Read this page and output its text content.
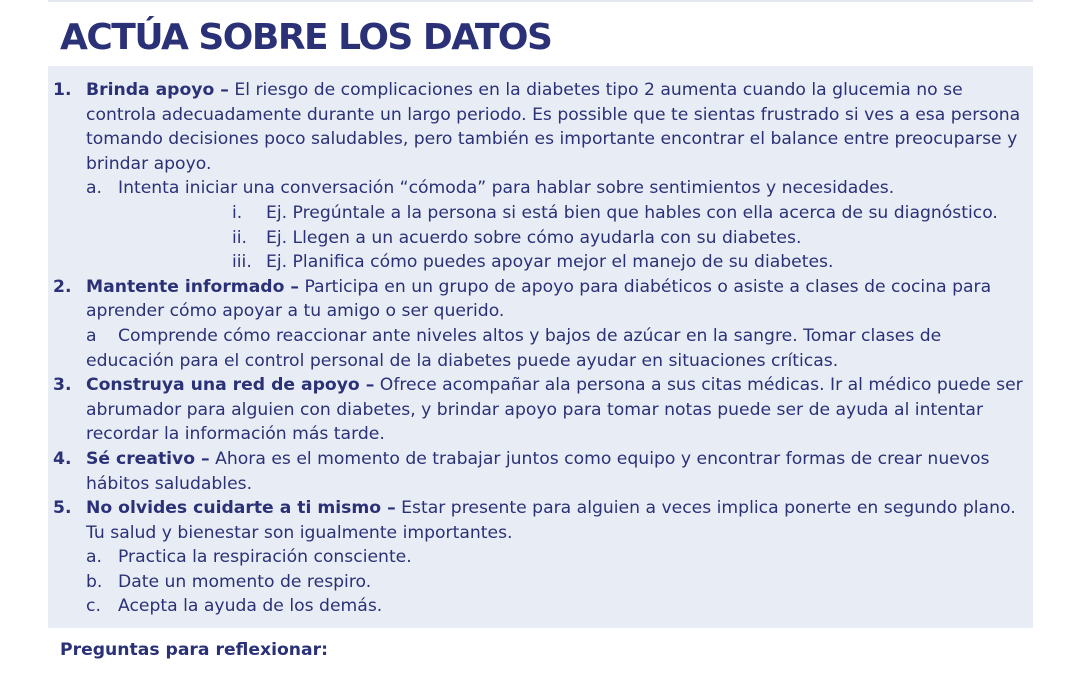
ACTÚA SOBRE LOS DATOS
1. Brinda apoyo – El riesgo de complicaciones en la diabetes tipo 2 aumenta cuando la glucemia no se controla adecuadamente durante un largo periodo. Es possible que te sientas frustrado si ves a esa persona tomando decisiones poco saludables, pero también es importante encontrar el balance entre preocuparse y brindar apoyo.
a. Intenta iniciar una conversación “cómoda” para hablar sobre sentimientos y necesidades.
i. Ej. Pregúntale a la persona si está bien que hables con ella acerca de su diagnóstico.
ii. Ej. Llegen a un acuerdo sobre cómo ayudarla con su diabetes.
iii. Ej. Planifica cómo puedes apoyar mejor el manejo de su diabetes.
2. Mantente informado – Participa en un grupo de apoyo para diabéticos o asiste a clases de cocina para aprender cómo apoyar a tu amigo o ser querido.
a Comprende cómo reaccionar ante niveles altos y bajos de azúcar en la sangre. Tomar clases de educación para el control personal de la diabetes puede ayudar en situaciones críticas.
3. Construya una red de apoyo – Ofrece acompañar ala persona a sus citas médicas. Ir al médico puede ser abrumador para alguien con diabetes, y brindar apoyo para tomar notas puede ser de ayuda al intentar recordar la información más tarde.
4. Sé creativo – Ahora es el momento de trabajar juntos como equipo y encontrar formas de crear nuevos hábitos saludables.
5. No olvides cuidarte a ti mismo – Estar presente para alguien a veces implica ponerte en segundo plano. Tu salud y bienestar son igualmente importantes.
a. Practica la respiración consciente.
b. Date un momento de respiro.
c. Acepta la ayuda de los demás.

Preguntas para reflexionar:
